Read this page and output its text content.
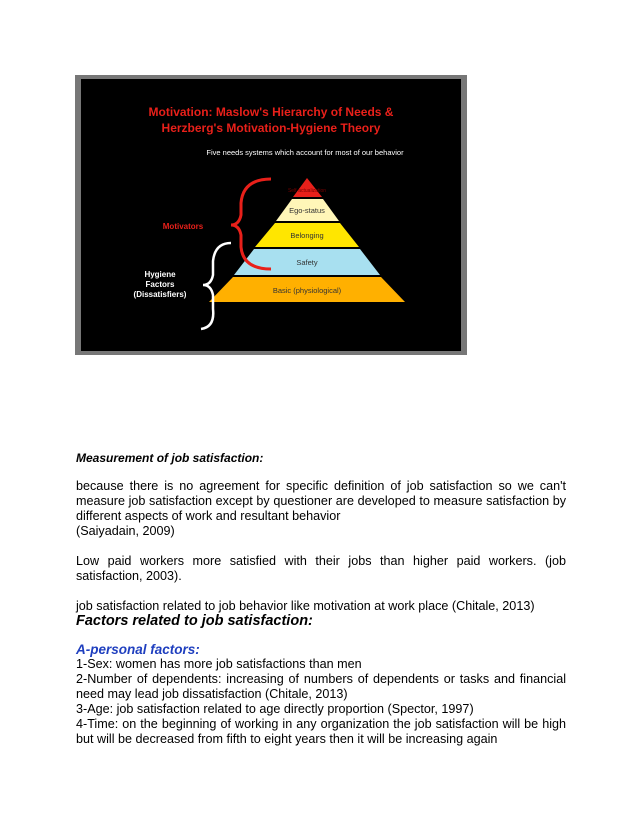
Motivation: Maslow's Hierarchy of Needs &
Herzberg's Motivation-Hygiene Theory
Five needs systems which account for most of our behavior
Self-actualization
Ego-status
Belonging
Safety
Basic (physiological)
Motivators
Hygiene
Factors
(Dissatisfiers)

Measurement of job satisfaction:

because there is no agreement for specific definition of job satisfaction so we can't measure job satisfaction except by questioner are developed to measure satisfaction by different aspects of work and resultant behavior

(Saiyadain, 2009)

Low paid workers more satisfied with their jobs than higher paid workers. (job satisfaction, 2003).

job satisfaction related to job behavior like motivation at work place (Chitale, 2013)

Factors related to job satisfaction:

A-personal factors:

1-Sex: women has more job satisfactions than men

2-Number of dependents: increasing of numbers of dependents or tasks and financial need may lead job dissatisfaction (Chitale, 2013)

3-Age: job satisfaction related to age directly proportion (Spector, 1997)

4-Time: on the beginning of working in any organization the job satisfaction will be high but will be decreased from fifth to eight years then it will be increasing again
